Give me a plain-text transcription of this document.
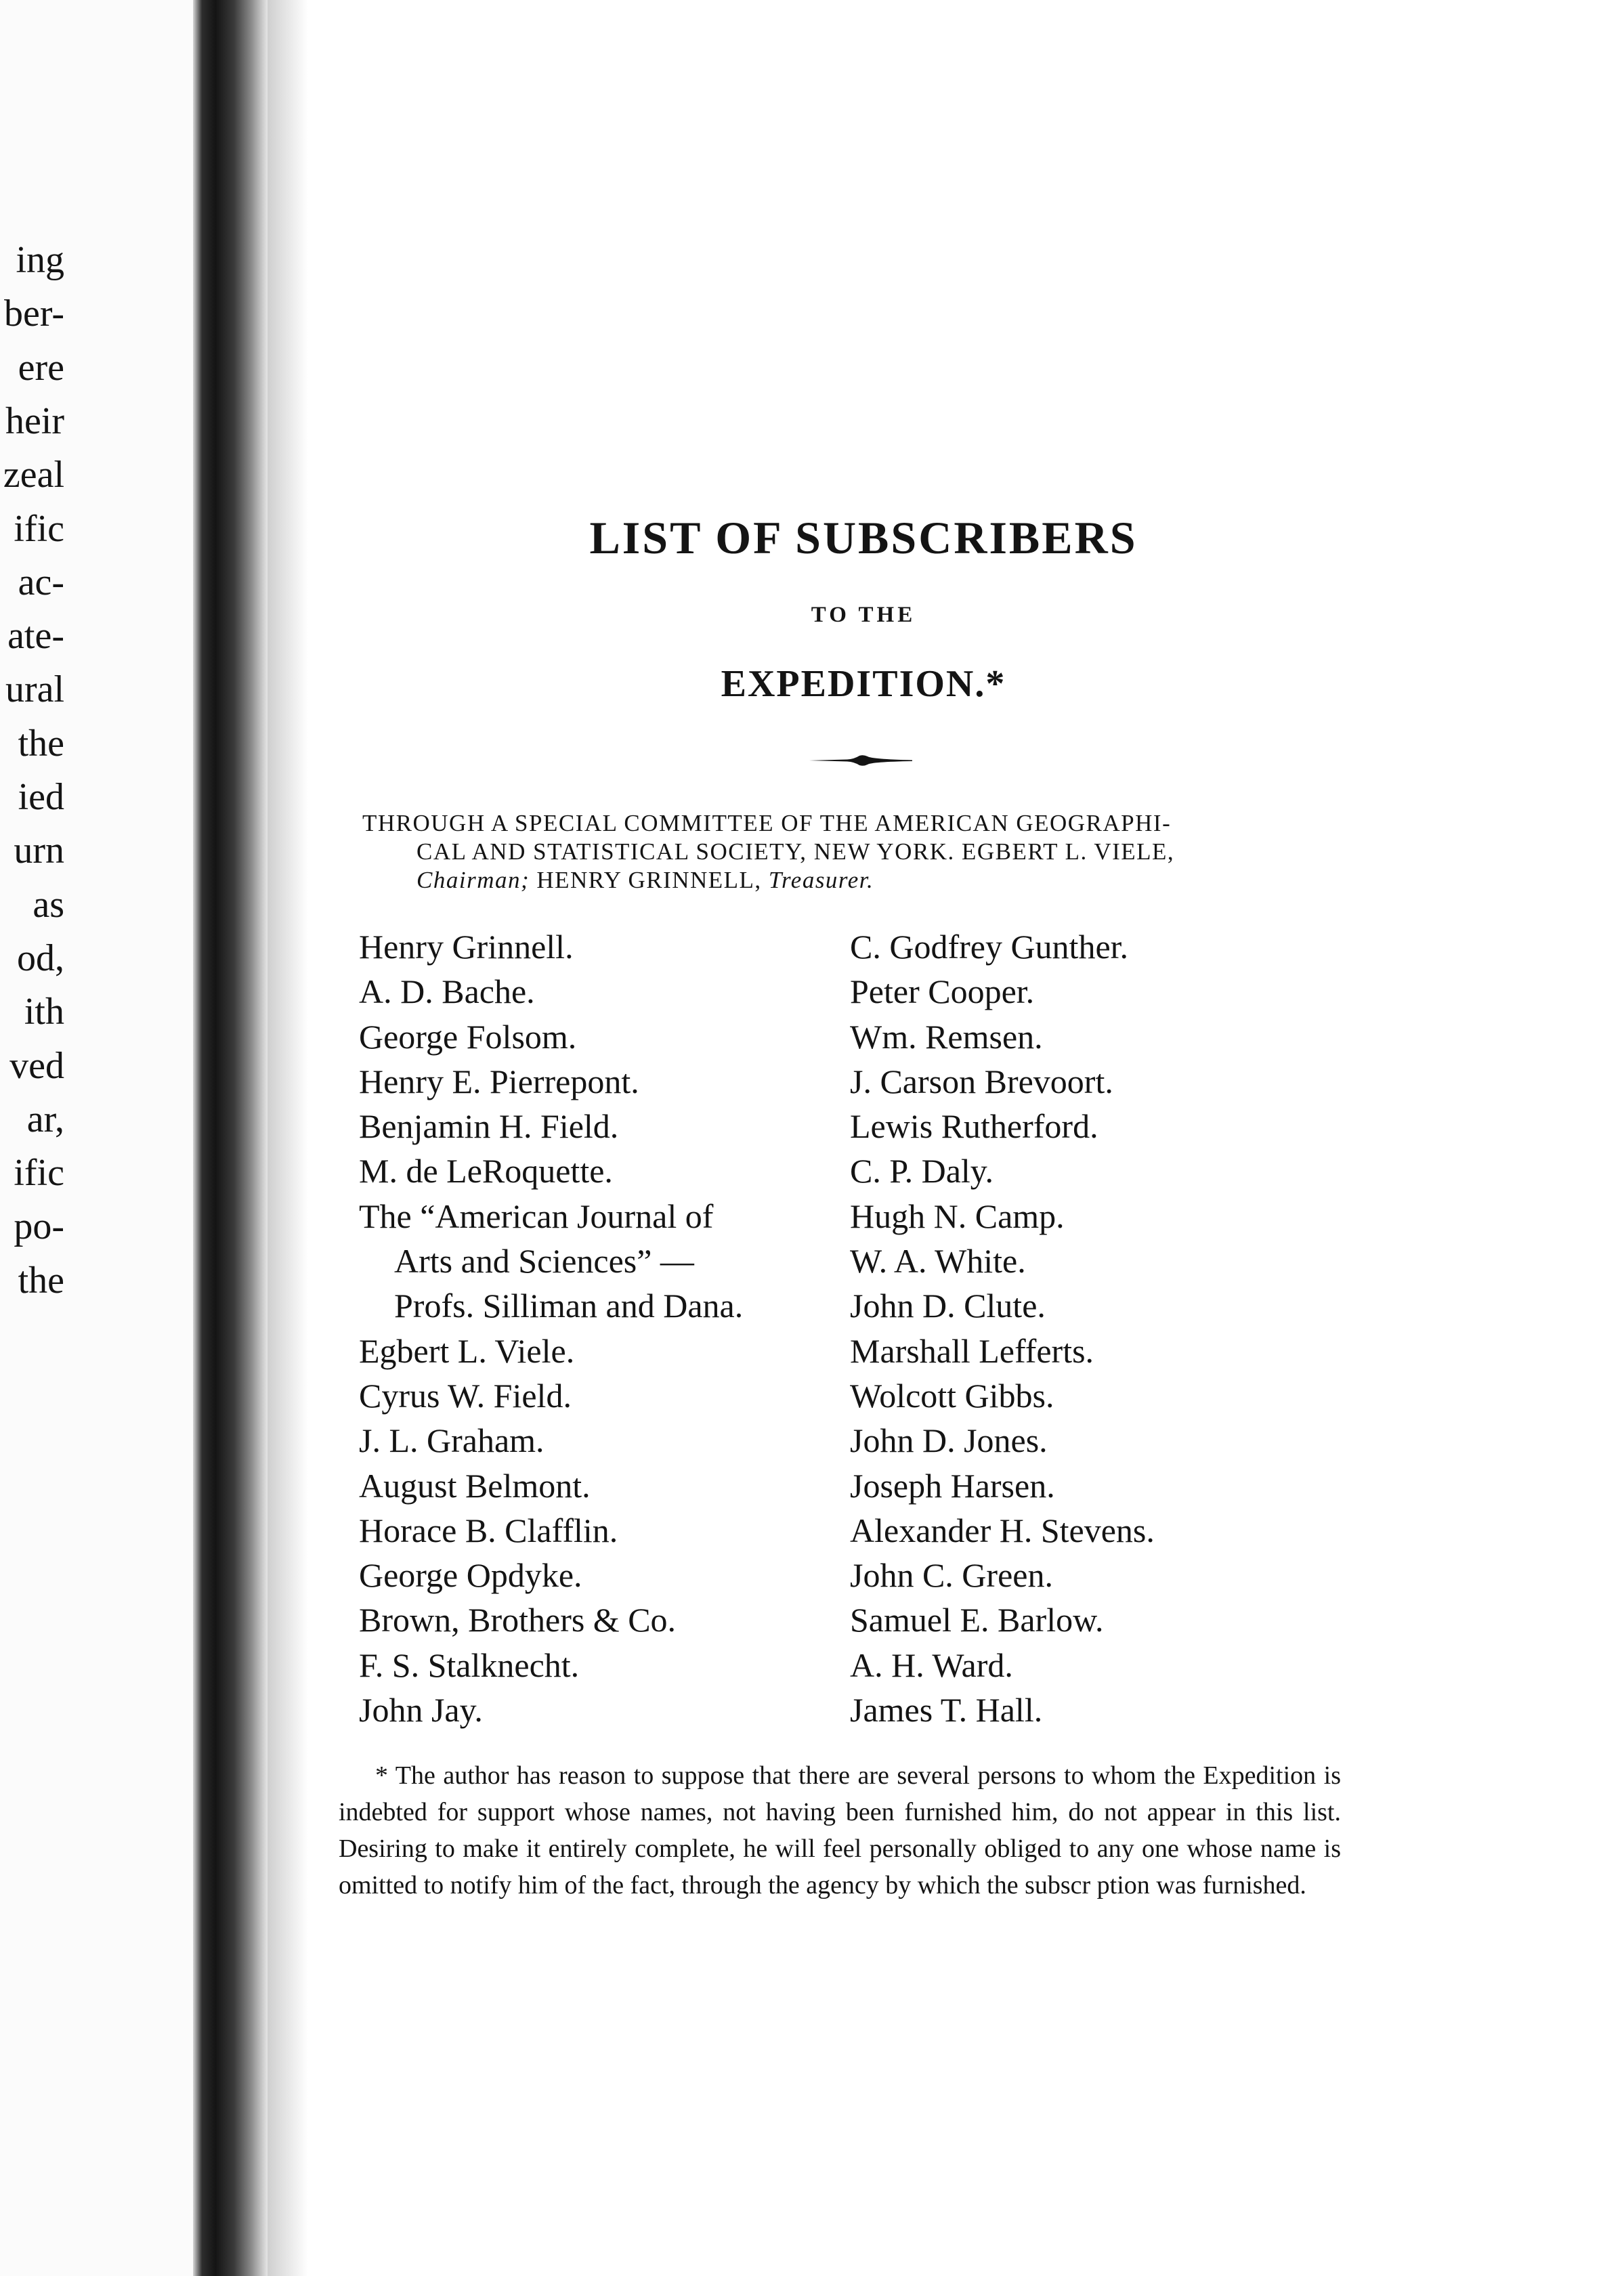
ing
ber-
ere
heir
zeal
ific
ac-
ate-
ural
the
ied
urn
as
od,
ith
ved
ar,
ific
po-
the
LIST OF SUBSCRIBERS
TO THE
EXPEDITION.*
THROUGH A SPECIAL COMMITTEE OF THE AMERICAN GEOGRAPHI-
CAL AND STATISTICAL SOCIETY, NEW YORK. EGBERT L. VIELE,
Chairman; HENRY GRINNELL, Treasurer.
Henry Grinnell.
A. D. Bache.
George Folsom.
Henry E. Pierrepont.
Benjamin H. Field.
M. de LeRoquette.
The “American Journal of
Arts and Sciences” —
Profs. Silliman and Dana.
Egbert L. Viele.
Cyrus W. Field.
J. L. Graham.
August Belmont.
Horace B. Clafflin.
George Opdyke.
Brown, Brothers & Co.
F. S. Stalknecht.
John Jay.
C. Godfrey Gunther.
Peter Cooper.
Wm. Remsen.
J. Carson Brevoort.
Lewis Rutherford.
C. P. Daly.
Hugh N. Camp.
W. A. White.
John D. Clute.
Marshall Lefferts.
Wolcott Gibbs.
John D. Jones.
Joseph Harsen.
Alexander H. Stevens.
John C. Green.
Samuel E. Barlow.
A. H. Ward.
James T. Hall.

* The author has reason to suppose that there are several persons to whom the Expedition is indebted for support whose names, not having been furnished him, do not appear in this list. Desiring to make it entirely complete, he will feel personally obliged to any one whose name is omitted to notify him of the fact, through the agency by which the subscr ption was furnished.
